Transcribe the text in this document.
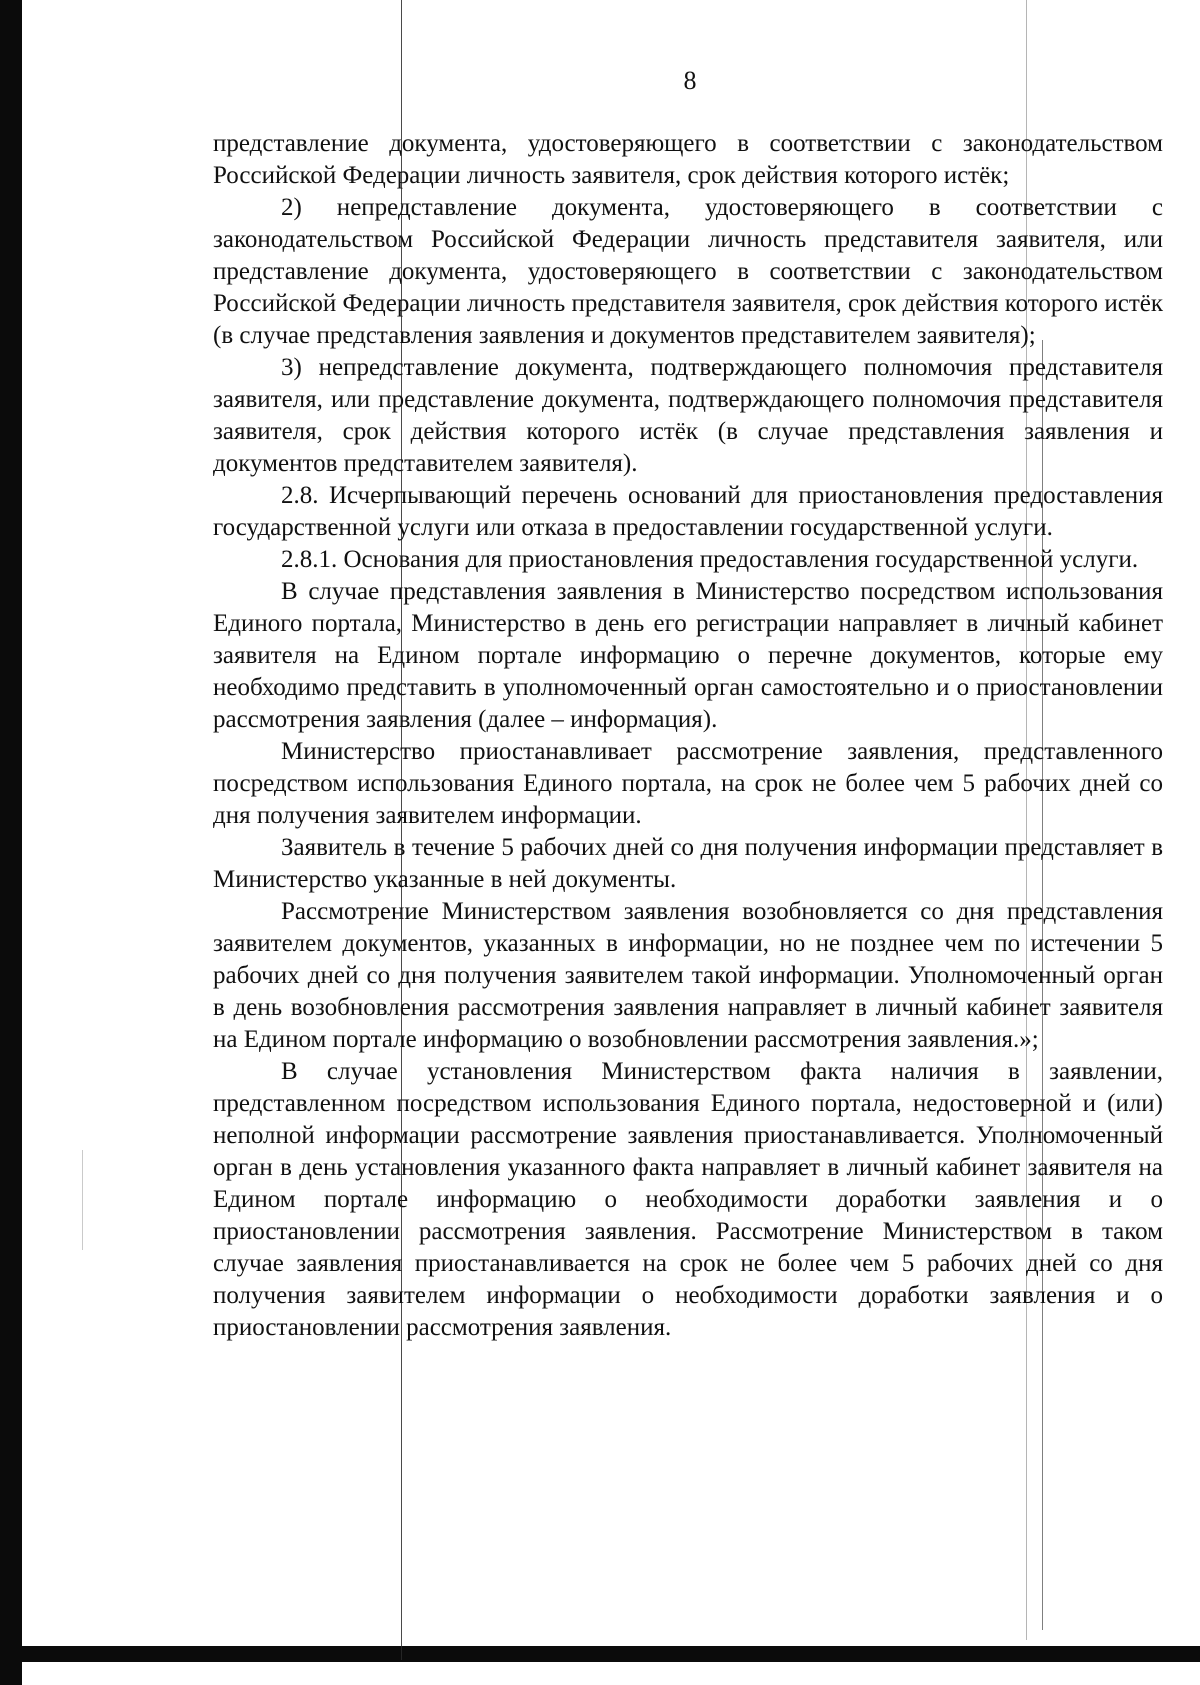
8

представление документа, удостоверяющего в соответствии с законодательством Российской Федерации личность заявителя, срок действия которого истёк;

2) непредставление документа, удостоверяющего в соответствии с законодательством Российской Федерации личность представителя заявителя, или представление документа, удостоверяющего в соответствии с законодательством Российской Федерации личность представителя заявителя, срок действия которого истёк (в случае представления заявления и документов представителем заявителя);

3) непредставление документа, подтверждающего полномочия представителя заявителя, или представление документа, подтверждающего полномочия представителя заявителя, срок действия которого истёк (в случае представления заявления и документов представителем заявителя).

2.8. Исчерпывающий перечень оснований для приостановления предоставления государственной услуги или отказа в предоставлении государственной услуги.

2.8.1. Основания для приостановления предоставления государственной услуги.

В случае представления заявления в Министерство посредством использования Единого портала, Министерство в день его регистрации направляет в личный кабинет заявителя на Едином портале информацию о перечне документов, которые ему необходимо представить в уполномоченный орган самостоятельно и о приостановлении рассмотрения заявления (далее – информация).

Министерство приостанавливает рассмотрение заявления, представленного посредством использования Единого портала, на срок не более чем 5 рабочих дней со дня получения заявителем информации.

Заявитель в течение 5 рабочих дней со дня получения информации представляет в Министерство указанные в ней документы.

Рассмотрение Министерством заявления возобновляется со дня представления заявителем документов, указанных в информации, но не позднее чем по истечении 5 рабочих дней со дня получения заявителем такой информации. Уполномоченный орган в день возобновления рассмотрения заявления направляет в личный кабинет заявителя на Едином портале информацию о возобновлении рассмотрения заявления.»;

В случае установления Министерством факта наличия в заявлении, представленном посредством использования Единого портала, недостоверной и (или) неполной информации рассмотрение заявления приостанавливается. Уполномоченный орган в день установления указанного факта направляет в личный кабинет заявителя на Едином портале информацию о необходимости доработки заявления и о приостановлении рассмотрения заявления. Рассмотрение Министерством в таком случае заявления приостанавливается на срок не более чем 5 рабочих дней со дня получения заявителем информации о необходимости доработки заявления и о приостановлении рассмотрения заявления.
